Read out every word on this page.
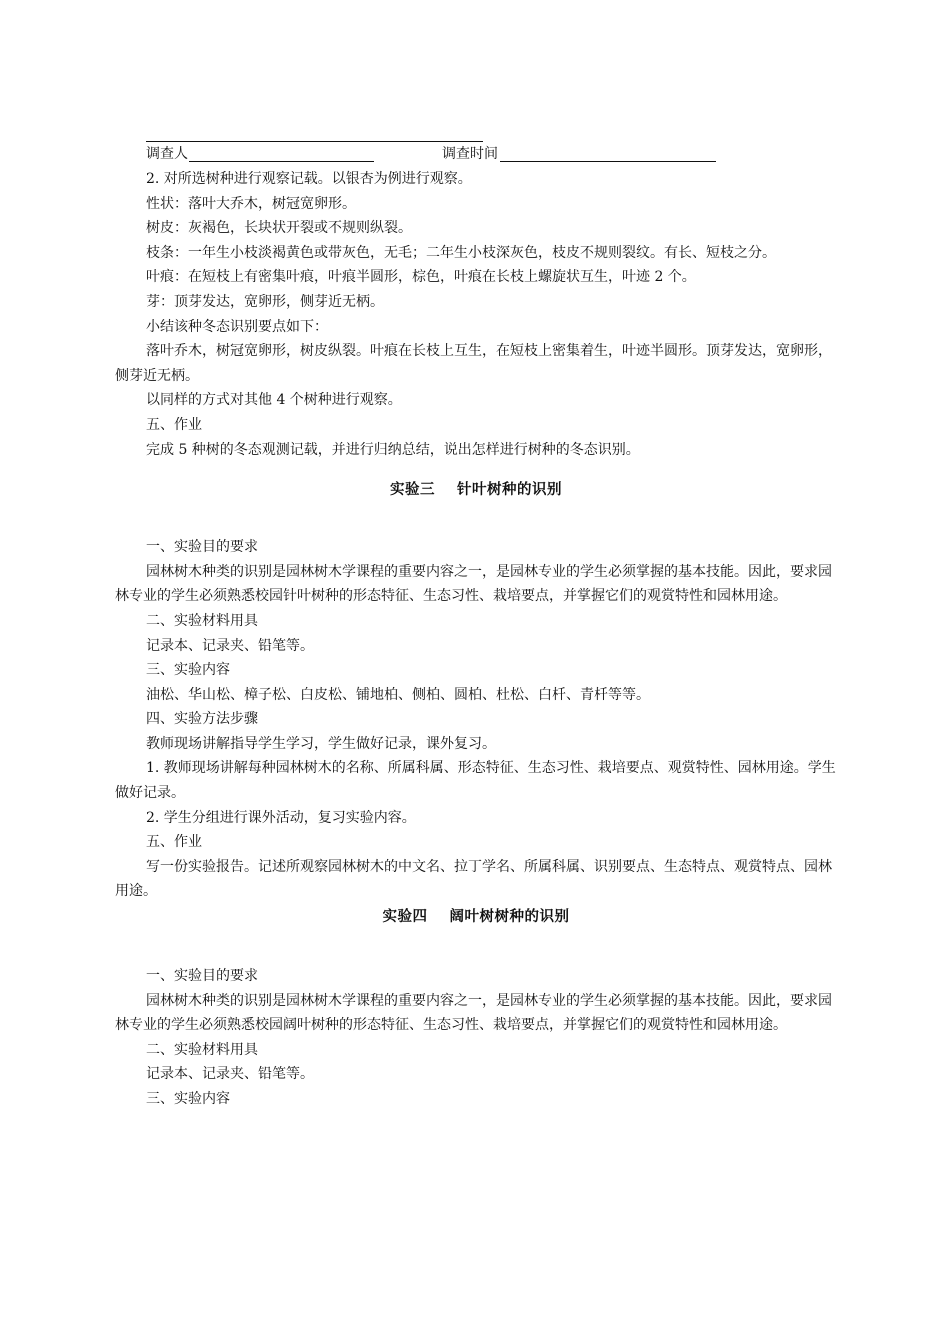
调查人	调查时间

2. 对所选树种进行观察记载。以银杏为例进行观察。

性状：落叶大乔木，树冠宽卵形。

树皮：灰褐色，长块状开裂或不规则纵裂。

枝条：一年生小枝淡褐黄色或带灰色，无毛；二年生小枝深灰色，枝皮不规则裂纹。有长、短枝之分。

叶痕：在短枝上有密集叶痕，叶痕半圆形，棕色，叶痕在长枝上螺旋状互生，叶迹 2 个。

芽：顶芽发达，宽卵形，侧芽近无柄。

小结该种冬态识别要点如下：

落叶乔木，树冠宽卵形，树皮纵裂。叶痕在长枝上互生，在短枝上密集着生，叶迹半圆形。顶芽发达，宽卵形，侧芽近无柄。

以同样的方式对其他 4 个树种进行观察。

五、作业

完成 5 种树的冬态观测记载，并进行归纳总结，说出怎样进行树种的冬态识别。

实验三 针叶树种的识别

一、实验目的要求

园林树木种类的识别是园林树木学课程的重要内容之一，是园林专业的学生必须掌握的基本技能。因此，要求园林专业的学生必须熟悉校园针叶树种的形态特征、生态习性、栽培要点，并掌握它们的观赏特性和园林用途。

二、实验材料用具

记录本、记录夹、铅笔等。

三、实验内容

油松、华山松、樟子松、白皮松、铺地柏、侧柏、圆柏、杜松、白杄、青杄等等。

四、实验方法步骤

教师现场讲解指导学生学习，学生做好记录，课外复习。

1. 教师现场讲解每种园林树木的名称、所属科属、形态特征、生态习性、栽培要点、观赏特性、园林用途。学生做好记录。

2. 学生分组进行课外活动，复习实验内容。

五、作业

写一份实验报告。记述所观察园林树木的中文名、拉丁学名、所属科属、识别要点、生态特点、观赏特点、园林用途。

实验四 阔叶树树种的识别

一、实验目的要求

园林树木种类的识别是园林树木学课程的重要内容之一，是园林专业的学生必须掌握的基本技能。因此，要求园林专业的学生必须熟悉校园阔叶树种的形态特征、生态习性、栽培要点，并掌握它们的观赏特性和园林用途。

二、实验材料用具

记录本、记录夹、铅笔等。

三、实验内容
